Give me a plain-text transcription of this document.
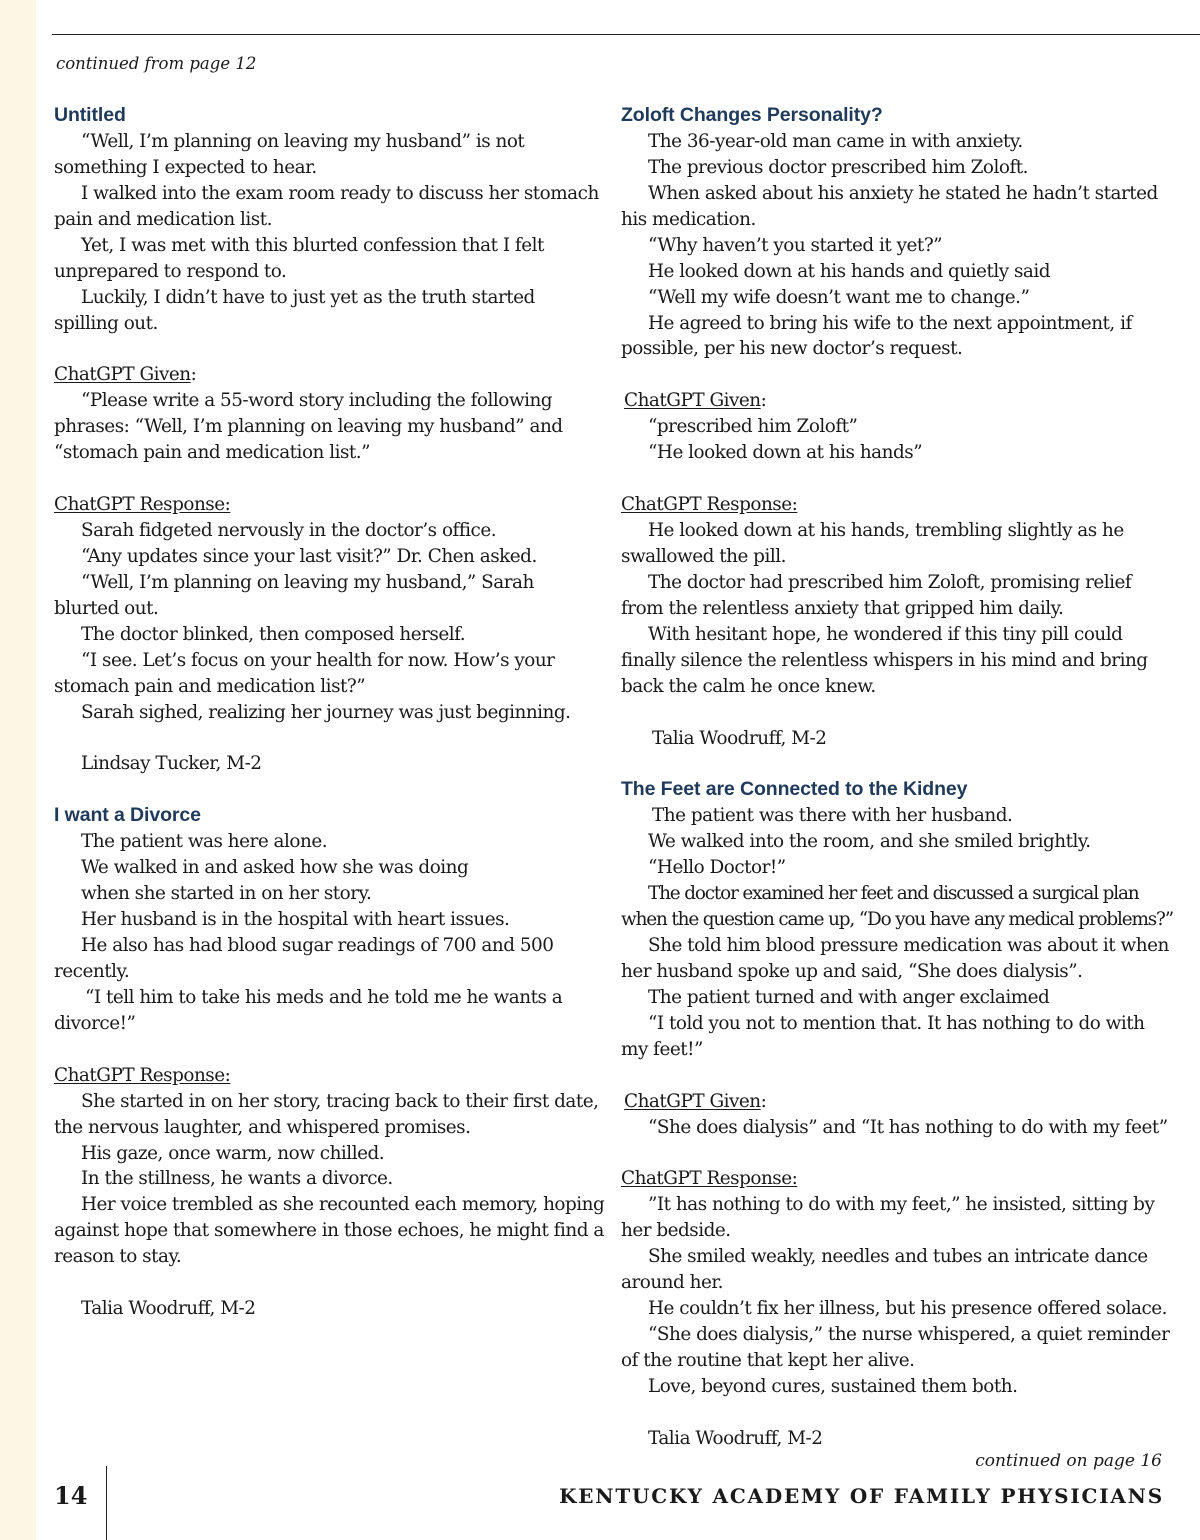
continued from page 12
Untitled
“Well, I’m planning on leaving my husband” is not
something I expected to hear.
I walked into the exam room ready to discuss her stomach
pain and medication list.
Yet, I was met with this blurted confession that I felt
unprepared to respond to.
Luckily, I didn’t have to just yet as the truth started
spilling out.
ChatGPT Given:
“Please write a 55-word story including the following
phrases: “Well, I’m planning on leaving my husband” and
“stomach pain and medication list.”
ChatGPT Response:
Sarah fidgeted nervously in the doctor’s office.
“Any updates since your last visit?” Dr. Chen asked.
“Well, I’m planning on leaving my husband,” Sarah
blurted out.
The doctor blinked, then composed herself.
“I see. Let’s focus on your health for now. How’s your
stomach pain and medication list?”
Sarah sighed, realizing her journey was just beginning.
Lindsay Tucker, M-2
I want a Divorce
The patient was here alone.
We walked in and asked how she was doing
when she started in on her story.
Her husband is in the hospital with heart issues.
He also has had blood sugar readings of 700 and 500
recently.
“I tell him to take his meds and he told me he wants a
divorce!”
ChatGPT Response:
She started in on her story, tracing back to their first date,
the nervous laughter, and whispered promises.
His gaze, once warm, now chilled.
In the stillness, he wants a divorce.
Her voice trembled as she recounted each memory, hoping
against hope that somewhere in those echoes, he might find a
reason to stay.
Talia Woodruff, M-2
Zoloft Changes Personality?
The 36-year-old man came in with anxiety.
The previous doctor prescribed him Zoloft.
When asked about his anxiety he stated he hadn’t started
his medication.
“Why haven’t you started it yet?”
He looked down at his hands and quietly said
“Well my wife doesn’t want me to change.”
He agreed to bring his wife to the next appointment, if
possible, per his new doctor’s request.
ChatGPT Given:
“prescribed him Zoloft”
“He looked down at his hands”
ChatGPT Response:
He looked down at his hands, trembling slightly as he
swallowed the pill.
The doctor had prescribed him Zoloft, promising relief
from the relentless anxiety that gripped him daily.
With hesitant hope, he wondered if this tiny pill could
finally silence the relentless whispers in his mind and bring
back the calm he once knew.
Talia Woodruff, M-2
The Feet are Connected to the Kidney
The patient was there with her husband.
We walked into the room, and she smiled brightly.
“Hello Doctor!”
The doctor examined her feet and discussed a surgical plan
when the question came up, “Do you have any medical problems?”
She told him blood pressure medication was about it when
her husband spoke up and said, “She does dialysis”.
The patient turned and with anger exclaimed
“I told you not to mention that. It has nothing to do with
my feet!”
ChatGPT Given:
“She does dialysis” and “It has nothing to do with my feet”
ChatGPT Response:
”It has nothing to do with my feet,” he insisted, sitting by
her bedside.
She smiled weakly, needles and tubes an intricate dance
around her.
He couldn’t fix her illness, but his presence offered solace.
“She does dialysis,” the nurse whispered, a quiet reminder
of the routine that kept her alive.
Love, beyond cures, sustained them both.
Talia Woodruff, M-2
continued on page 16
14	KENTUCKY ACADEMY OF FAMILY PHYSICIANS
